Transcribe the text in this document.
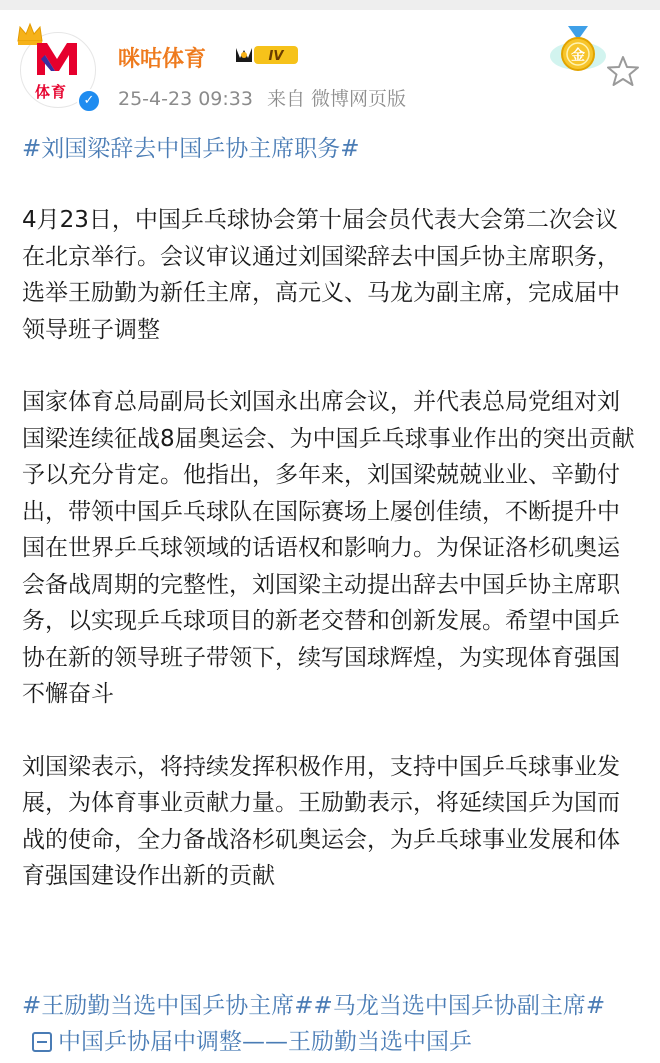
体育	✓
咪咕体育	IV
25-4-23 09:33 来自 微博网页版
金
#刘国梁辞去中国乒协主席职务#

4月23日，中国乒乓球协会第十届会员代表大会第二次会议在北京举行。会议审议通过刘国梁辞去中国乒协主席职务，选举王励勤为新任主席，高元义、马龙为副主席，完成届中领导班子调整

国家体育总局副局长刘国永出席会议，并代表总局党组对刘国梁连续征战8届奥运会、为中国乒乓球事业作出的突出贡献予以充分肯定。他指出，多年来，刘国梁兢兢业业、辛勤付出，带领中国乒乓球队在国际赛场上屡创佳绩，不断提升中国在世界乒乓球领域的话语权和影响力。为保证洛杉矶奥运会备战周期的完整性，刘国梁主动提出辞去中国乒协主席职务，以实现乒乓球项目的新老交替和创新发展。希望中国乒协在新的领导班子带领下，续写国球辉煌，为实现体育强国不懈奋斗

刘国梁表示，将持续发挥积极作用，支持中国乒乓球事业发展，为体育事业贡献力量。王励勤表示，将延续国乒为国而战的使命，全力备战洛杉矶奥运会，为乒乓球事业发展和体育强国建设作出新的贡献

#王励勤当选中国乒协主席##马龙当选中国乒协副主席#中国乒协届中调整——王励勤当选中国乒
